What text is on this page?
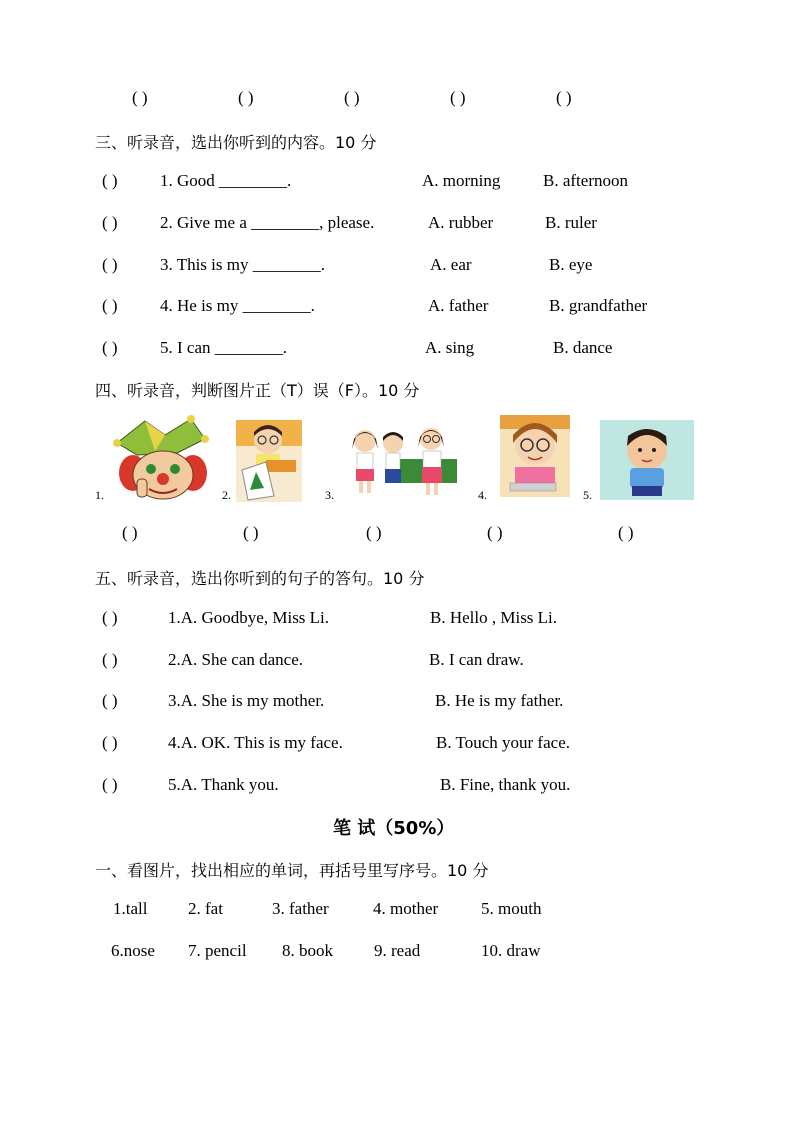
( )	( )	( )	( )	( )
三、听录音，选出你听到的内容。10 分
( ) 1. Good ________.	A. morning	B. afternoon
( ) 2. Give me a ________, please.	A. rubber	B. ruler
( ) 3. This is my ________.	A. ear	B. eye
( ) 4. He is my ________.	A. father	B. grandfather
( ) 5. I can ________.	A. sing	B. dance
四、听录音，判断图片正（T）误（F）。10 分
1.	2.	3.	4.	5.
( )	( )	( )	( )	( )
五、听录音，选出你听到的句子的答句。10 分
( )	1.A. Goodbye, Miss Li.	B. Hello , Miss Li.
( )	2.A. She can dance.	B. I can draw.
( )	3.A. She is my mother.	B. He is my father.
( )	4.A. OK. This is my face.	B. Touch your face.
( )	5.A. Thank you.	B. Fine, thank you.
笔 试（50%）
一、看图片，找出相应的单词，再括号里写序号。10 分
1.tall 2. fat	3. father	4. mother	5. mouth
6.nose 7. pencil 8. book 9. read	10. draw
